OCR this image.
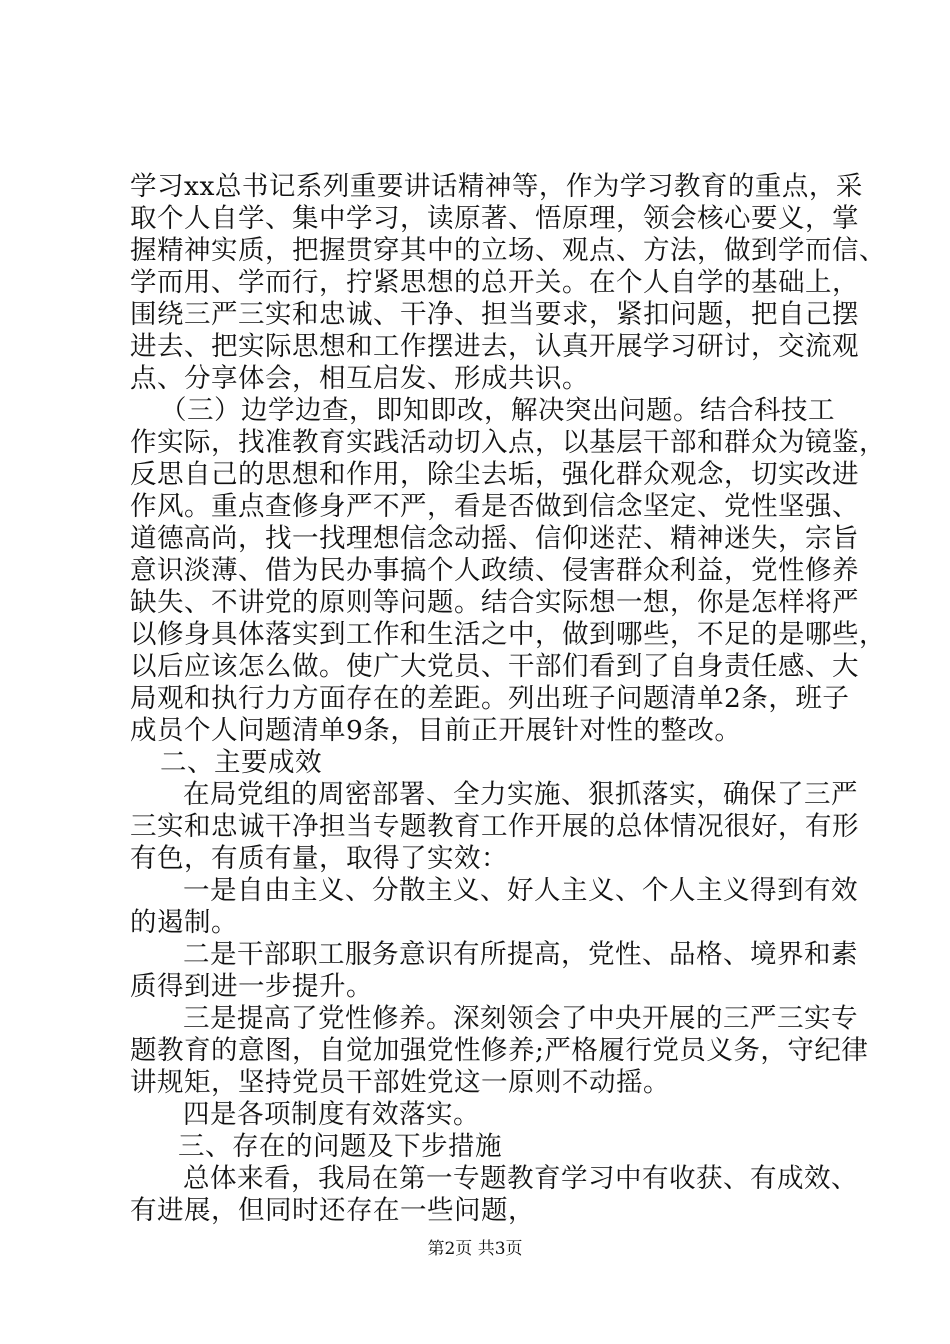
学习xx总书记系列重要讲话精神等，作为学习教育的重点，采
取个人自学、集中学习，读原著、悟原理，领会核心要义，掌
握精神实质，把握贯穿其中的立场、观点、方法，做到学而信、
学而用、学而行，拧紧思想的总开关。在个人自学的基础上，
围绕三严三实和忠诚、干净、担当要求，紧扣问题，把自己摆
进去、把实际思想和工作摆进去，认真开展学习研讨，交流观
点、分享体会，相互启发、形成共识。
（三）边学边查，即知即改，解决突出问题。结合科技工
作实际，找准教育实践活动切入点，以基层干部和群众为镜鉴，
反思自己的思想和作用，除尘去垢，强化群众观念，切实改进
作风。重点查修身严不严，看是否做到信念坚定、党性坚强、
道德高尚，找一找理想信念动摇、信仰迷茫、精神迷失，宗旨
意识淡薄、借为民办事搞个人政绩、侵害群众利益，党性修养
缺失、不讲党的原则等问题。结合实际想一想，你是怎样将严
以修身具体落实到工作和生活之中，做到哪些，不足的是哪些，
以后应该怎么做。使广大党员、干部们看到了自身责任感、大
局观和执行力方面存在的差距。列出班子问题清单2条，班子
成员个人问题清单9条，目前正开展针对性的整改。
二、主要成效
在局党组的周密部署、全力实施、狠抓落实，确保了三严
三实和忠诚干净担当专题教育工作开展的总体情况很好，有形
有色，有质有量，取得了实效：
一是自由主义、分散主义、好人主义、个人主义得到有效
的遏制。
二是干部职工服务意识有所提高，党性、品格、境界和素
质得到进一步提升。
三是提高了党性修养。深刻领会了中央开展的三严三实专
题教育的意图，自觉加强党性修养;严格履行党员义务，守纪律
讲规矩，坚持党员干部姓党这一原则不动摇。
四是各项制度有效落实。
三、存在的问题及下步措施
总体来看，我局在第一专题教育学习中有收获、有成效、
有进展，但同时还存在一些问题，
第2页 共3页
